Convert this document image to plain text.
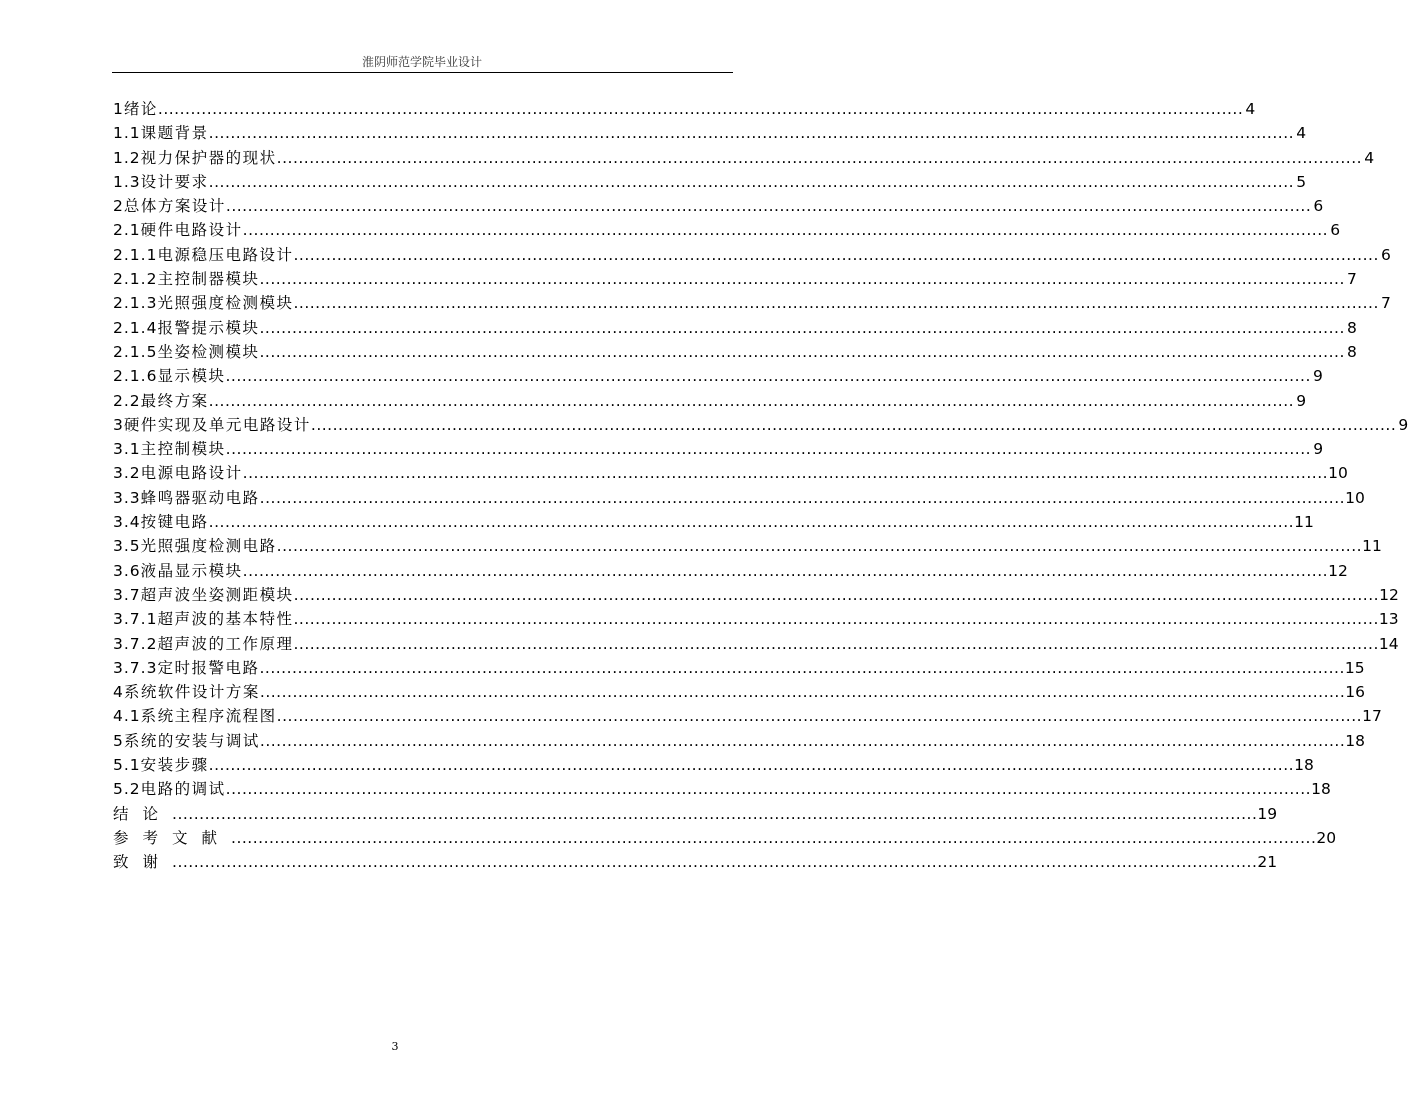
淮阴师范学院毕业设计
1 绪论 ........................................................................................................................................................................................................ 4
1.1 课题背景 ........................................................................................................................................................................................................ 4
1.2 视力保护器的现状 ........................................................................................................................................................................................................ 4
1.3 设计要求 ........................................................................................................................................................................................................ 5
2 总体方案设计 ........................................................................................................................................................................................................ 6
2.1 硬件电路设计 ........................................................................................................................................................................................................ 6
2.1.1 电源稳压电路设计 ........................................................................................................................................................................................................ 6
2.1.2 主控制器模块 ........................................................................................................................................................................................................ 7
2.1.3 光照强度检测模块 ........................................................................................................................................................................................................ 7
2.1.4 报警提示模块 ........................................................................................................................................................................................................ 8
2.1.5 坐姿检测模块 ........................................................................................................................................................................................................ 8
2.1.6 显示模块 ........................................................................................................................................................................................................ 9
2.2 最终方案 ........................................................................................................................................................................................................ 9
3 硬件实现及单元电路设计 ........................................................................................................................................................................................................ 9
3.1 主控制模块 ........................................................................................................................................................................................................ 9
3.2 电源电路设计 ........................................................................................................................................................................................................ 10
3.3 蜂鸣器驱动电路 ........................................................................................................................................................................................................ 10
3.4 按键电路 ........................................................................................................................................................................................................ 11
3.5 光照强度检测电路 ........................................................................................................................................................................................................ 11
3.6 液晶显示模块 ........................................................................................................................................................................................................ 12
3.7 超声波坐姿测距模块 ........................................................................................................................................................................................................ 12
3.7.1 超声波的基本特性 ........................................................................................................................................................................................................ 13
3.7.2 超声波的工作原理 ........................................................................................................................................................................................................ 14
3.7.3 定时报警电路 ........................................................................................................................................................................................................ 15
4 系统软件设计方案 ........................................................................................................................................................................................................ 16
4.1 系统主程序流程图 ........................................................................................................................................................................................................ 17
5 系统的安装与调试 ........................................................................................................................................................................................................ 18
5.1 安装步骤 ........................................................................................................................................................................................................ 18
5.2 电路的调试 ........................................................................................................................................................................................................ 18
结论 ........................................................................................................................................................................................................ 19
参考文献 ........................................................................................................................................................................................................ 20
致谢 ........................................................................................................................................................................................................ 21
3
